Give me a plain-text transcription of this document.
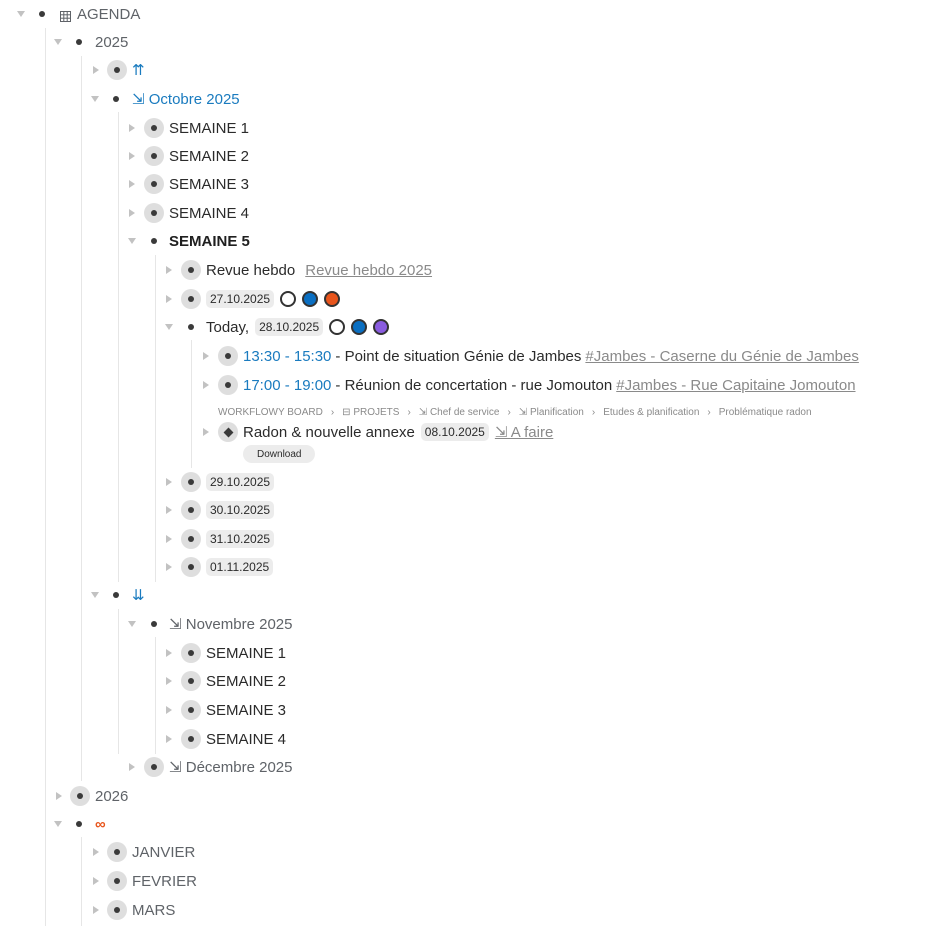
AGENDA
2025
⇈
⇲ Octobre 2025
SEMAINE 1
SEMAINE 2
SEMAINE 3
SEMAINE 4
SEMAINE 5
Revue hebdo Revue hebdo 2025
27.10.2025
Today, 28.10.2025
13:30 - 15:30 - Point de situation Génie de Jambes #Jambes - Caserne du Génie de Jambes
17:00 - 19:00 - Réunion de concertation - rue Jomouton #Jambes - Rue Capitaine Jomouton
WORKFLOWY BOARD › ⊟ PROJETS › ⇲ Chef de service › ⇲ Planification › Etudes & planification › Problématique radon
Radon & nouvelle annexe 08.10.2025 ⇲ A faire
Download
29.10.2025
30.10.2025
31.10.2025
01.11.2025
⇊
⇲ Novembre 2025
SEMAINE 1
SEMAINE 2
SEMAINE 3
SEMAINE 4
⇲ Décembre 2025
2026
∞
JANVIER
FEVRIER
MARS
